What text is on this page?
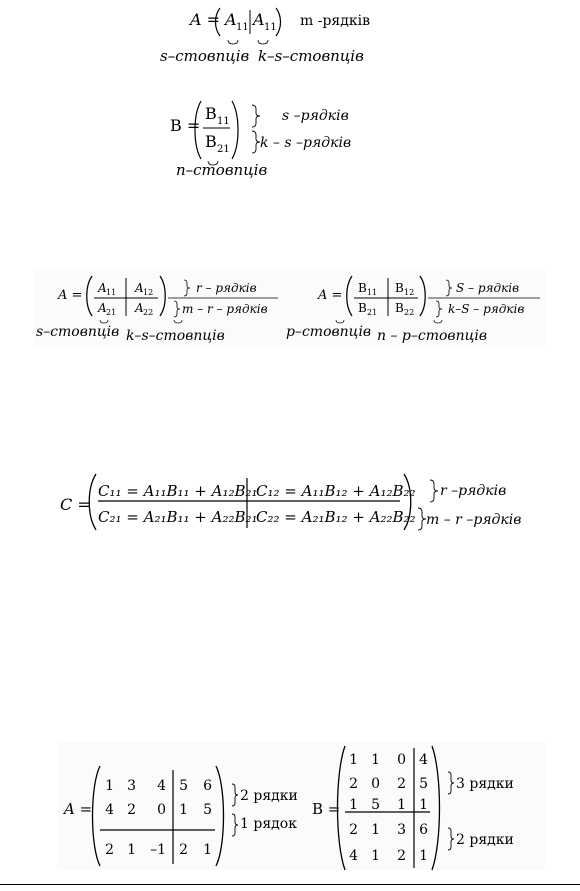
A = A 11 A 11 m -рядків
s–стовпців k–s–стовпців
B =
B 11
B 21
s –рядків
k – s –рядків
n–стовпців
A = A 11 A 12
A 21 A 22
r – рядків
m – r – рядків
s–стовпців k–s–стовпців
A = B 11 B 12
B 21 B 22
S – рядків
k–S – рядків
p–стовпців n – p–стовпців
C =
C₁₁ = A₁₁B₁₁ + A₁₂B₂₁
C₁₂ = A₁₁B₁₂ + A₁₂B₂₂
C₂₁ = A₂₁B₁₁ + A₂₂B₂₁
C₂₂ = A₂₁B₁₂ + A₂₂B₂₂
r –рядків
m – r –рядків
A =
1 3 4 5 6
4 2 0 1 5
2 1 –1 2 1
2 рядки
1 рядок
B =
1 1 0 4
2 0 2 5
1 5 1 1
2 1 3 6
4 1 2 1
3 рядки
2 рядки
